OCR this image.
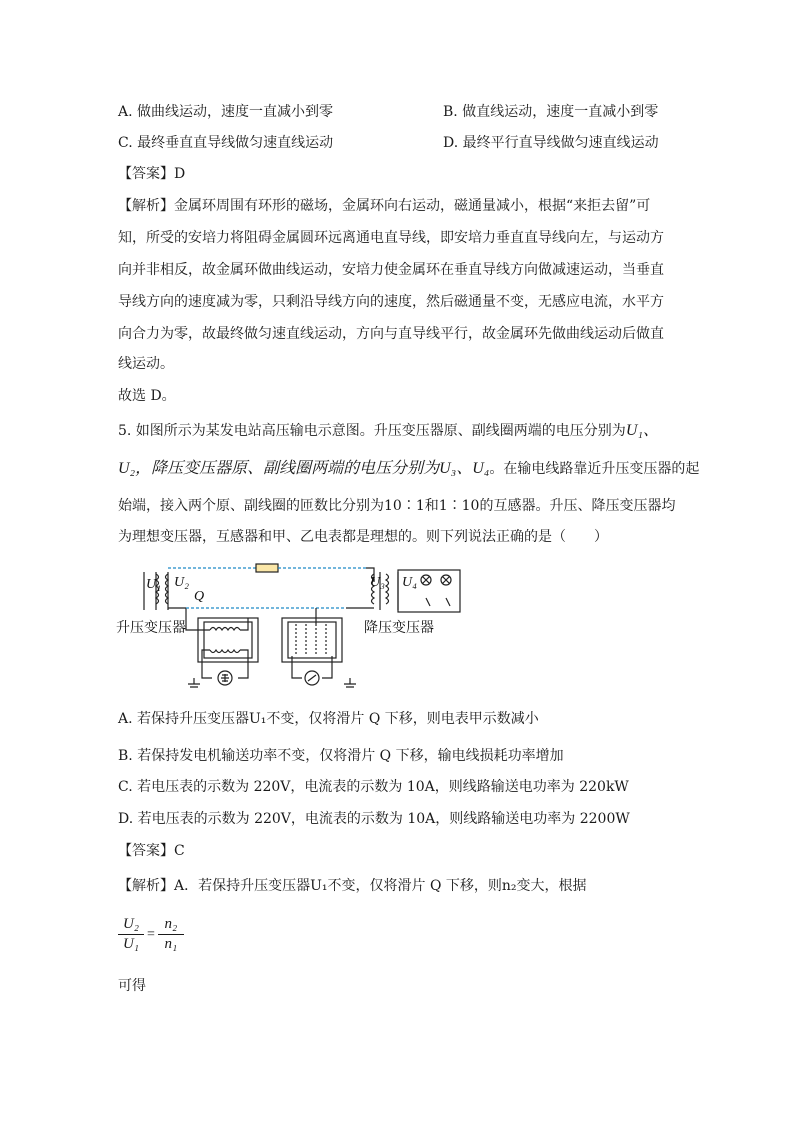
A. 做曲线运动，速度一直减小到零	B. 做直线运动，速度一直减小到零
C. 最终垂直直导线做匀速直线运动	D. 最终平行直导线做匀速直线运动
【答案】D
【解析】金属环周围有环形的磁场，金属环向右运动，磁通量减小，根据“来拒去留”可
知，所受的安培力将阻碍金属圆环远离通电直导线，即安培力垂直直导线向左，与运动方
向并非相反，故金属环做曲线运动，安培力使金属环在垂直导线方向做减速运动，当垂直
导线方向的速度减为零，只剩沿导线方向的速度，然后磁通量不变，无感应电流，水平方
向合力为零，故最终做匀速直线运动，方向与直导线平行，故金属环先做曲线运动后做直
线运动。
故选 D。
5. 如图所示为某发电站高压输电示意图。升压变压器原、副线圈两端的电压分别为U₁、
U₂，降压变压器原、副线圈两端的电压分别为U₃、U₄。在输电线路靠近升压变压器的起
始端，接入两个原、副线圈的匝数比分别为10∶1和1∶10的互感器。升压、降压变压器均
为理想变压器，互感器和甲、乙电表都是理想的。则下列说法正确的是（　　）
U₁ U₂
Q
U₃ U₄
升压变压器	降压变压器
A. 若保持升压变压器U₁不变，仅将滑片 Q 下移，则电表甲示数减小
B. 若保持发电机输送功率不变，仅将滑片 Q 下移，输电线损耗功率增加
C. 若电压表的示数为 220V，电流表的示数为 10A，则线路输送电功率为 220kW
D. 若电压表的示数为 220V，电流表的示数为 10A，则线路输送电功率为 2200W
【答案】C
【解析】A．若保持升压变压器U₁不变，仅将滑片 Q 下移，则n₂变大，根据
U₂
U₁	=	n₂
n₁
可得
